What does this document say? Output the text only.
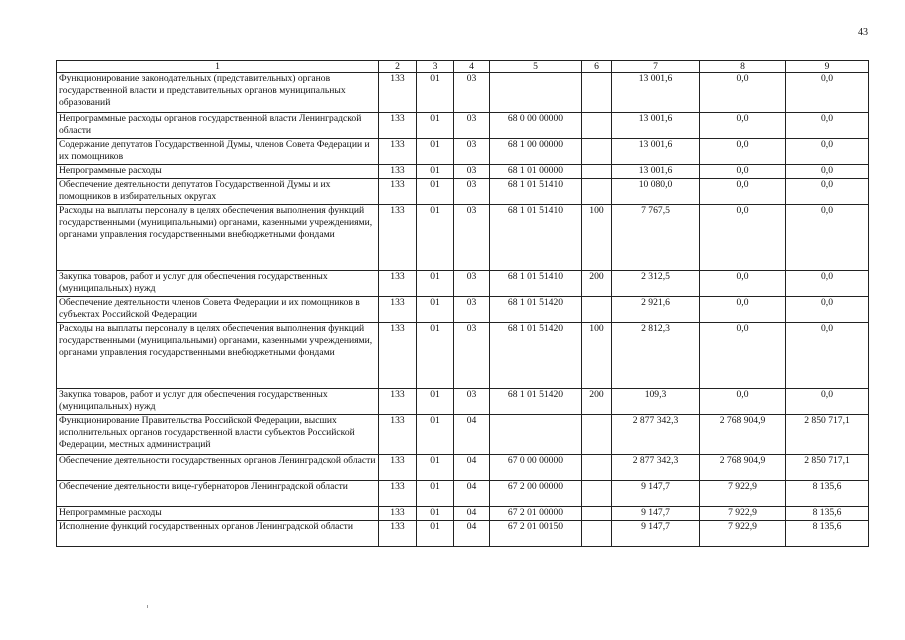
43
1	2	3	4	5	6	7	8	9
Функционирование законодательных (представительных) органов государственной власти и представительных органов муниципальных образований	133	01	03			13 001,6	0,0	0,0
Непрограммные расходы органов государственной власти Ленинградской области	133	01	03	68 0 00 00000		13 001,6	0,0	0,0
Содержание депутатов Государственной Думы, членов Совета Федерации и их помощников	133	01	03	68 1 00 00000		13 001,6	0,0	0,0
Непрограммные расходы	133	01	03	68 1 01 00000		13 001,6	0,0	0,0
Обеспечение деятельности депутатов Государственной Думы и их помощников в избирательных округах	133	01	03	68 1 01 51410		10 080,0	0,0	0,0
Расходы на выплаты персоналу в целях обеспечения выполнения функций государственными (муниципальными) органами, казенными учреждениями, органами управления государственными внебюджетными фондами	133	01	03	68 1 01 51410	100	7 767,5	0,0	0,0
Закупка товаров, работ и услуг для обеспечения государственных (муниципальных) нужд	133	01	03	68 1 01 51410	200	2 312,5	0,0	0,0
Обеспечение деятельности членов Совета Федерации и их помощников в субъектах Российской Федерации	133	01	03	68 1 01 51420		2 921,6	0,0	0,0
Расходы на выплаты персоналу в целях обеспечения выполнения функций государственными (муниципальными) органами, казенными учреждениями, органами управления государственными внебюджетными фондами	133	01	03	68 1 01 51420	100	2 812,3	0,0	0,0
Закупка товаров, работ и услуг для обеспечения государственных (муниципальных) нужд	133	01	03	68 1 01 51420	200	109,3	0,0	0,0
Функционирование Правительства Российской Федерации, высших исполнительных органов государственной власти субъектов Российской Федерации, местных администраций	133	01	04			2 877 342,3	2 768 904,9	2 850 717,1
Обеспечение деятельности государственных органов Ленинградской области	133	01	04	67 0 00 00000		2 877 342,3	2 768 904,9	2 850 717,1
Обеспечение деятельности вице-губернаторов Ленинградской области	133	01	04	67 2 00 00000		9 147,7	7 922,9	8 135,6
Непрограммные расходы	133	01	04	67 2 01 00000		9 147,7	7 922,9	8 135,6
Исполнение функций государственных органов Ленинградской области	133	01	04	67 2 01 00150		9 147,7	7 922,9	8 135,6
